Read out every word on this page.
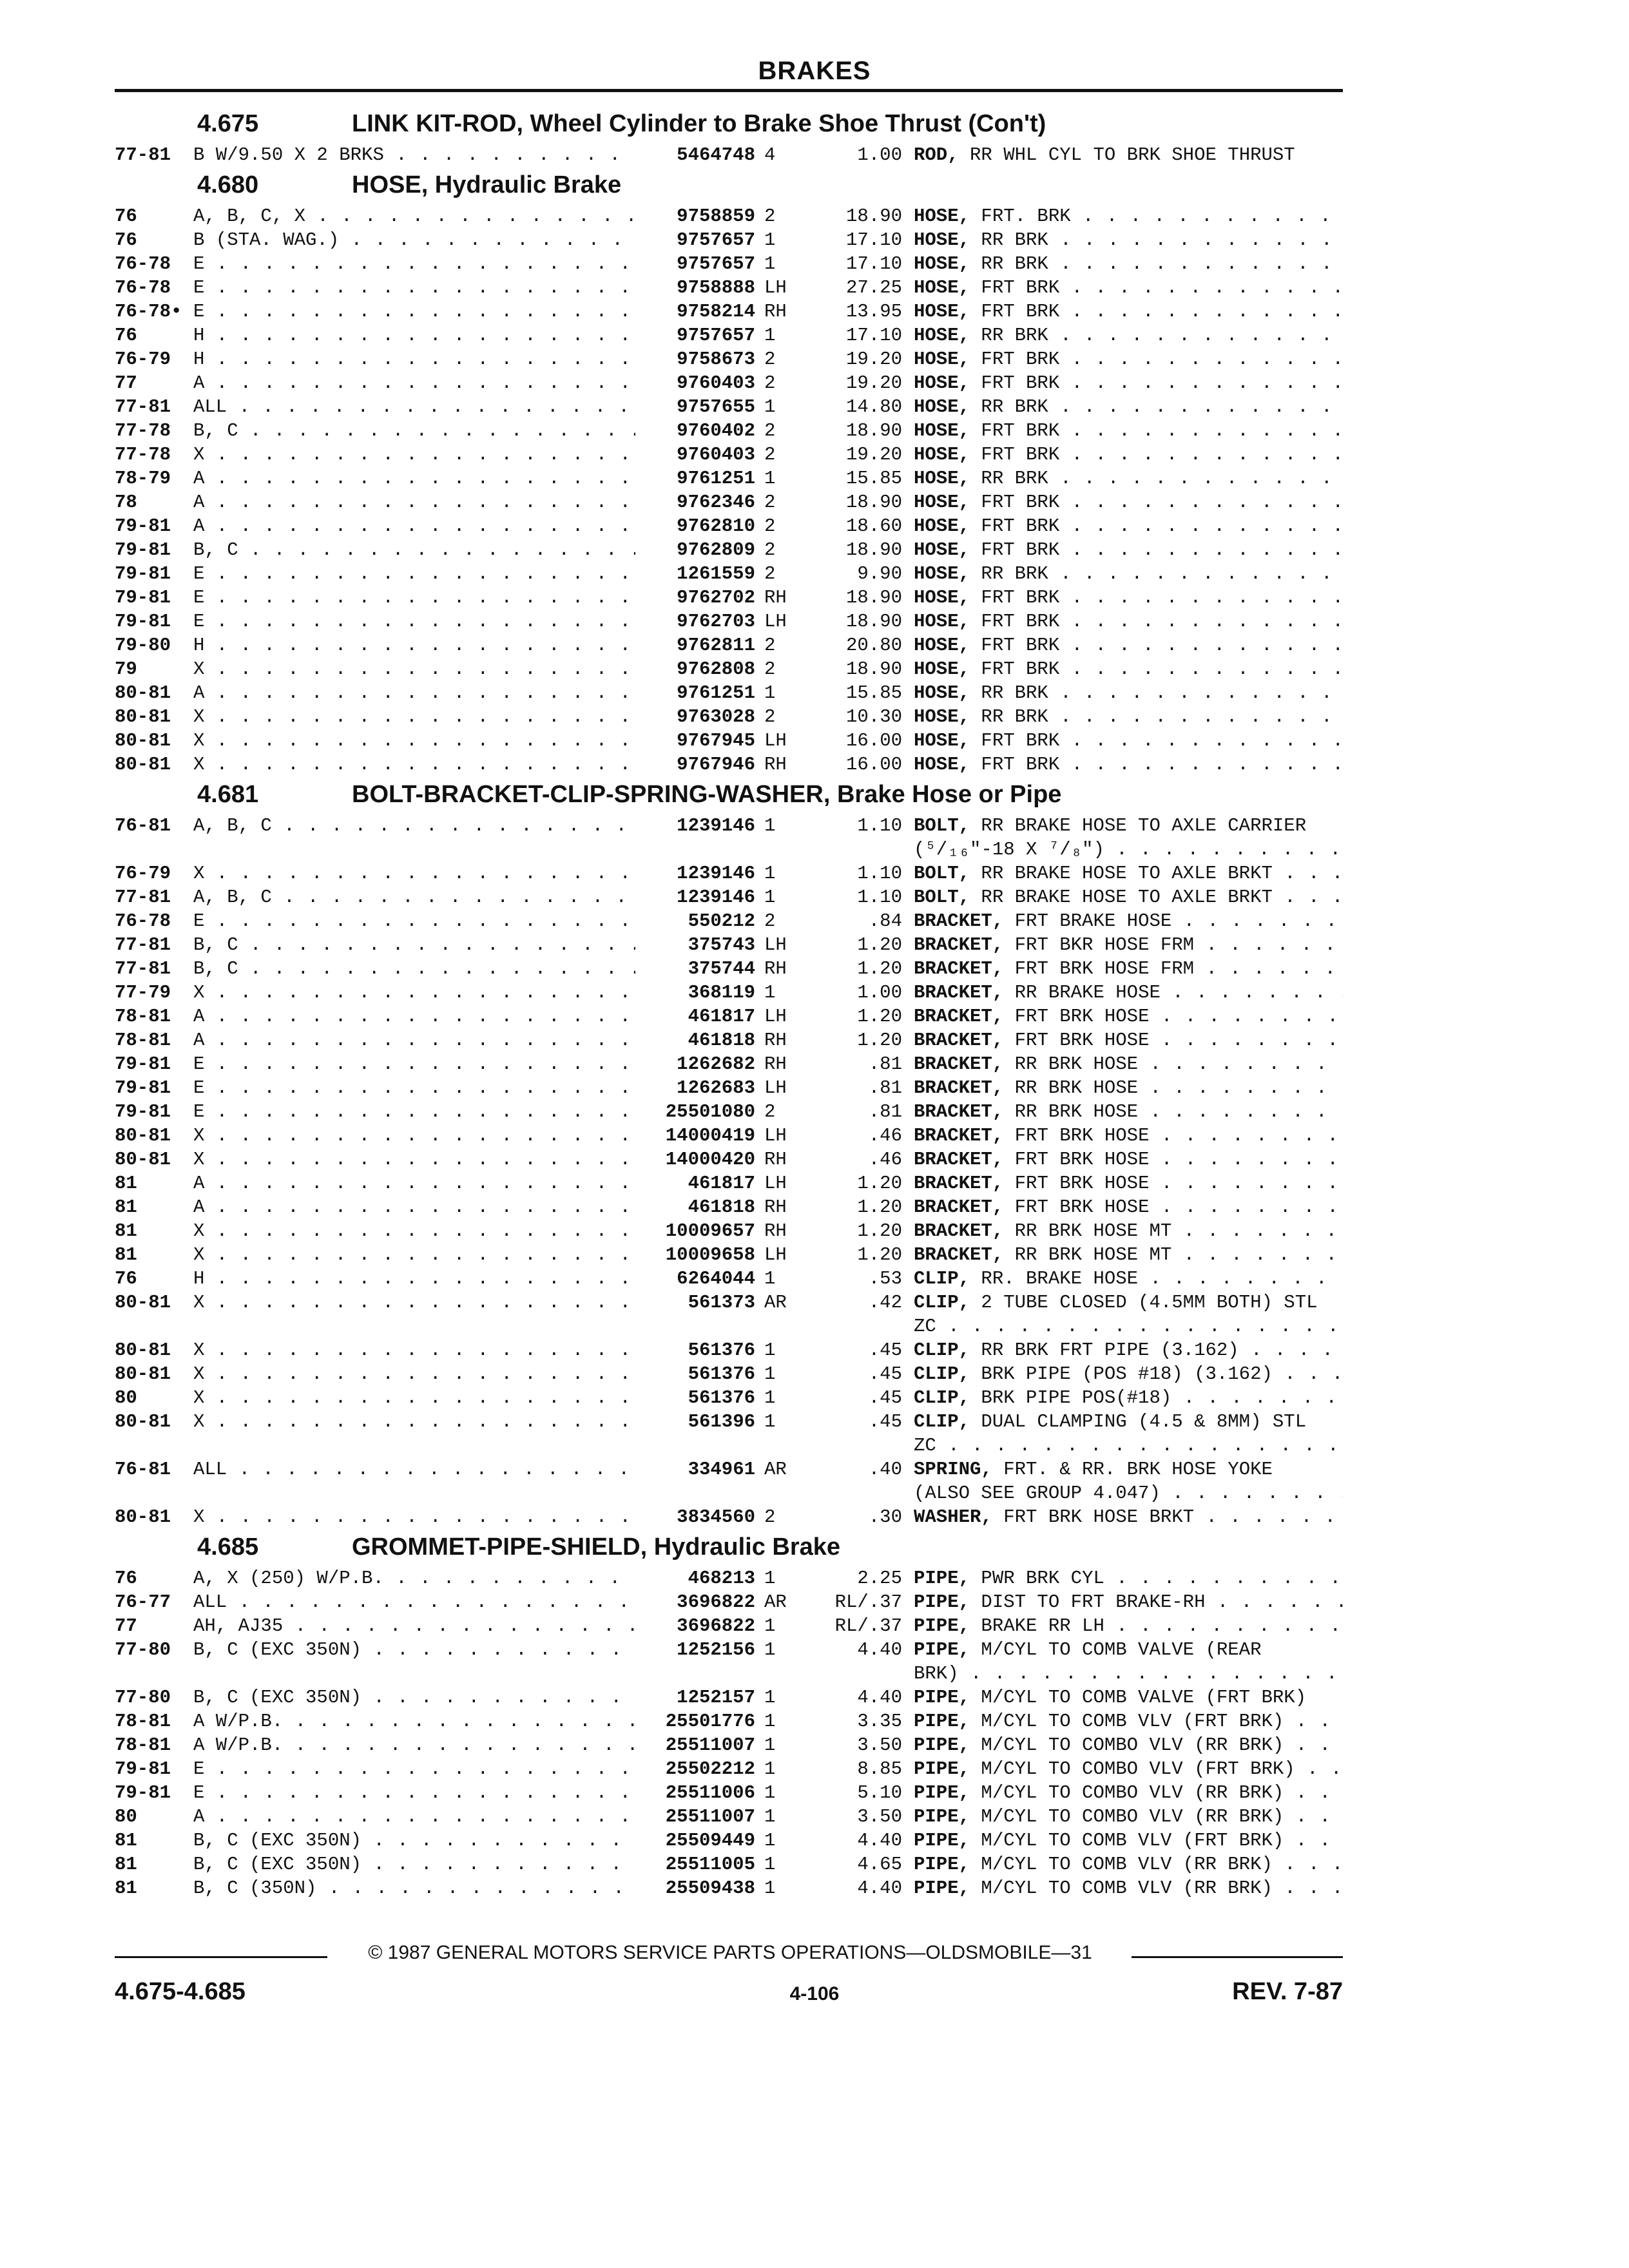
BRAKES
4.675	LINK KIT-ROD, Wheel Cylinder to Brake Shoe Thrust (Con't)
77-81	B W/9.50 X 2 BRKS . . .	5464748 4	1.00 ROD, RR WHL CYL TO BRK SHOE THRUST
4.680	HOSE, Hydraulic Brake
76	A, B, C, X . . .	9758859 2	18.90 HOSE, FRT. BRK . . .
76	B (STA. WAG.) . . .	9757657 1	17.10 HOSE, RR BRK . . .
76-78	E . . .	9757657 1	17.10 HOSE, RR BRK . . .
76-78	E . . .	9758888 LH	27.25 HOSE, FRT BRK . . .
76-78• E . . .	9758214 RH	13.95 HOSE, FRT BRK . . .
76	H . . .	9757657 1	17.10 HOSE, RR BRK . . .
76-79	H . . .	9758673 2	19.20 HOSE, FRT BRK . . .
77	A . . .	9760403 2	19.20 HOSE, FRT BRK . . .
77-81	ALL . . .	9757655 1	14.80 HOSE, RR BRK . . .
77-78	B, C . . .	9760402 2	18.90 HOSE, FRT BRK . . .
77-78	X . . .	9760403 2	19.20 HOSE, FRT BRK . . .
78-79	A . . .	9761251 1	15.85 HOSE, RR BRK . . .
78	A . . .	9762346 2	18.90 HOSE, FRT BRK . . .
79-81	A . . .	9762810 2	18.60 HOSE, FRT BRK . . .
79-81	B, C . . .	9762809 2	18.90 HOSE, FRT BRK . . .
79-81	E . . .	1261559 2	9.90 HOSE, RR BRK . . .
79-81	E . . .	9762702 RH	18.90 HOSE, FRT BRK . . .
79-81	E . . .	9762703 LH	18.90 HOSE, FRT BRK . . .
79-80	H . . .	9762811 2	20.80 HOSE, FRT BRK . . .
79	X . . .	9762808 2	18.90 HOSE, FRT BRK . . .
80-81	A . . .	9761251 1	15.85 HOSE, RR BRK . . .
80-81	X . . .	9763028 2	10.30 HOSE, RR BRK . . .
80-81	X . . .	9767945 LH	16.00 HOSE, FRT BRK . . .
80-81	X . . .	9767946 RH	16.00 HOSE, FRT BRK . . .
4.681	BOLT-BRACKET-CLIP-SPRING-WASHER, Brake Hose or Pipe
76-81	A, B, C . . .	1239146 1	1.10 BOLT, RR BRAKE HOSE TO AXLE CARRIER
(⁵/₁₆"-18 X ⁷/₈") . . .
76-79	X . . .	1239146 1	1.10 BOLT, RR BRAKE HOSE TO AXLE BRKT . . .
77-81	A, B, C . . .	1239146 1	1.10 BOLT, RR BRAKE HOSE TO AXLE BRKT . . .
76-78	E . . .	550212 2	.84 BRACKET, FRT BRAKE HOSE . . .
77-81	B, C . . .	375743 LH	1.20 BRACKET, FRT BKR HOSE FRM . . .
77-81	B, C . . .	375744 RH	1.20 BRACKET, FRT BRK HOSE FRM . . .
77-79	X . . .	368119 1	1.00 BRACKET, RR BRAKE HOSE . . .
78-81	A . . .	461817 LH	1.20 BRACKET, FRT BRK HOSE . . .
78-81	A . . .	461818 RH	1.20 BRACKET, FRT BRK HOSE . . .
79-81	E . . .	1262682 RH	.81 BRACKET, RR BRK HOSE . . .
79-81	E . . .	1262683 LH	.81 BRACKET, RR BRK HOSE . . .
79-81	E . . .	25501080 2	.81 BRACKET, RR BRK HOSE . . .
80-81	X . . .	14000419 LH	.46 BRACKET, FRT BRK HOSE . . .
80-81	X . . .	14000420 RH	.46 BRACKET, FRT BRK HOSE . . .
81	A . . .	461817 LH	1.20 BRACKET, FRT BRK HOSE . . .
81	A . . .	461818 RH	1.20 BRACKET, FRT BRK HOSE . . .
81	X . . .	10009657 RH	1.20 BRACKET, RR BRK HOSE MT . . .
81	X . . .	10009658 LH	1.20 BRACKET, RR BRK HOSE MT . . .
76	H . . .	6264044 1	.53 CLIP, RR. BRAKE HOSE . . .
80-81	X . . .	561373 AR	.42 CLIP, 2 TUBE CLOSED (4.5MM BOTH) STL
ZC . . .
80-81	X . . .	561376 1	.45 CLIP, RR BRK FRT PIPE (3.162) . . .
80-81	X . . .	561376 1	.45 CLIP, BRK PIPE (POS #18) (3.162) . . .
80	X . . .	561376 1	.45 CLIP, BRK PIPE POS(#18) . . .
80-81	X . . .	561396 1	.45 CLIP, DUAL CLAMPING (4.5 & 8MM) STL
ZC . . .
76-81	ALL . . .	334961 AR	.40 SPRING, FRT. & RR. BRK HOSE YOKE
(ALSO SEE GROUP 4.047) . . .
80-81	X . . .	3834560 2	.30 WASHER, FRT BRK HOSE BRKT . . .
4.685	GROMMET-PIPE-SHIELD, Hydraulic Brake
76	A, X (250) W/P.B. . . .	468213 1	2.25 PIPE, PWR BRK CYL . . .
76-77	ALL . . .	3696822 AR	RL/.37 PIPE, DIST TO FRT BRAKE-RH . . .
77	AH, AJ35 . . .	3696822 1	RL/.37 PIPE, BRAKE RR LH . . .
77-80	B, C (EXC 350N) . . .	1252156 1	4.40 PIPE, M/CYL TO COMB VALVE (REAR
BRK) . . .
77-80	B, C (EXC 350N) . . .	1252157 1	4.40 PIPE, M/CYL TO COMB VALVE (FRT BRK)
78-81	A W/P.B. . . .	25501776 1	3.35 PIPE, M/CYL TO COMB VLV (FRT BRK) . . .
78-81	A W/P.B. . . .	25511007 1	3.50 PIPE, M/CYL TO COMBO VLV (RR BRK) . . .
79-81	E . . .	25502212 1	8.85 PIPE, M/CYL TO COMBO VLV (FRT BRK) . . .
79-81	E . . .	25511006 1	5.10 PIPE, M/CYL TO COMBO VLV (RR BRK) . . .
80	A . . .	25511007 1	3.50 PIPE, M/CYL TO COMBO VLV (RR BRK) . . .
81	B, C (EXC 350N) . . .	25509449 1	4.40 PIPE, M/CYL TO COMB VLV (FRT BRK) . . .
81	B, C (EXC 350N) . . .	25511005 1	4.65 PIPE, M/CYL TO COMB VLV (RR BRK) . . .
81	B, C (350N) . . .	25509438 1	4.40 PIPE, M/CYL TO COMB VLV (RR BRK) . . .
© 1987 GENERAL MOTORS SERVICE PARTS OPERATIONS—OLDSMOBILE—31
4.675-4.685	4-106	REV. 7-87
